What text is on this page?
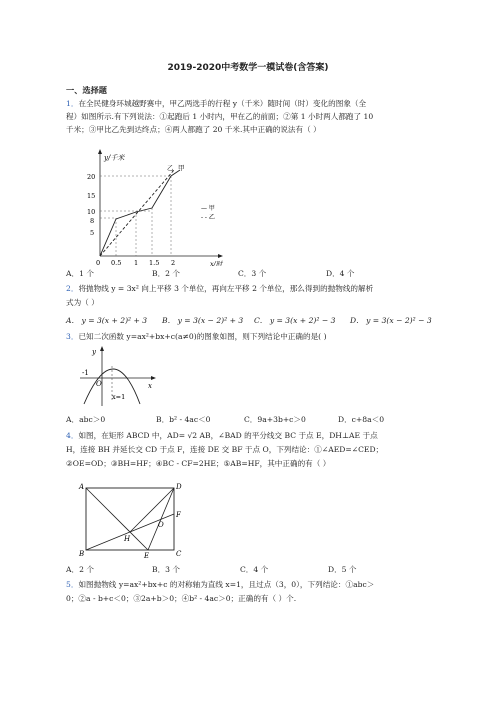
2019-2020中考数学一模试卷(含答案)
一、选择题
1．在全民健身环城越野赛中，甲乙两选手的行程 y（千米）随时间（时）变化的图象（全
程）如图所示.有下列说法：①起跑后 1 小时内，甲在乙的前面；②第 1 小时两人都跑了 10
千米；③甲比乙先到达终点；④两人都跑了 20 千米.其中正确的说法有（ ）
y/千米
x/时
20
15
10
8
5
0 0.5 1 1.5 2
乙 甲
— 甲
- - 乙
A．1 个	B．2 个	C．3 个	D．4 个
2．将抛物线 y = 3x² 向上平移 3 个单位，再向左平移 2 个单位，那么得到的抛物线的解析
式为（ ）
A． y = 3(x + 2)² + 3	B． y = 3(x − 2)² + 3	C． y = 3(x + 2)² − 3	D． y = 3(x − 2)² − 3
3．已知二次函数 y=ax²+bx+c(a≠0)的图象如图，则下列结论中正确的是( )
y
x
-1
O
x=1
A．abc＞0	B．b² - 4ac＜0	C．9a+3b+c＞0	D．c+8a＜0
4．如图，在矩形 ABCD 中，AD= √2 AB，∠BAD 的平分线交 BC 于点 E，DH⊥AE 于点
H，连接 BH 并延长交 CD 于点 F，连接 DE 交 BF 于点 O，下列结论：①∠AED=∠CED；
②OE=OD；③BH=HF；④BC - CF=2HE；⑤AB=HF，其中正确的有（ ）
A	D
B	C
E
F
H
O
A．2 个	B．3 个	C．4 个	D．5 个
5．如图抛物线 y=ax²+bx+c 的对称轴为直线 x=1，且过点（3，0），下列结论：①abc＞
0；②a - b+c＜0；③2a+b＞0；④b² - 4ac＞0；正确的有（ ）个.
